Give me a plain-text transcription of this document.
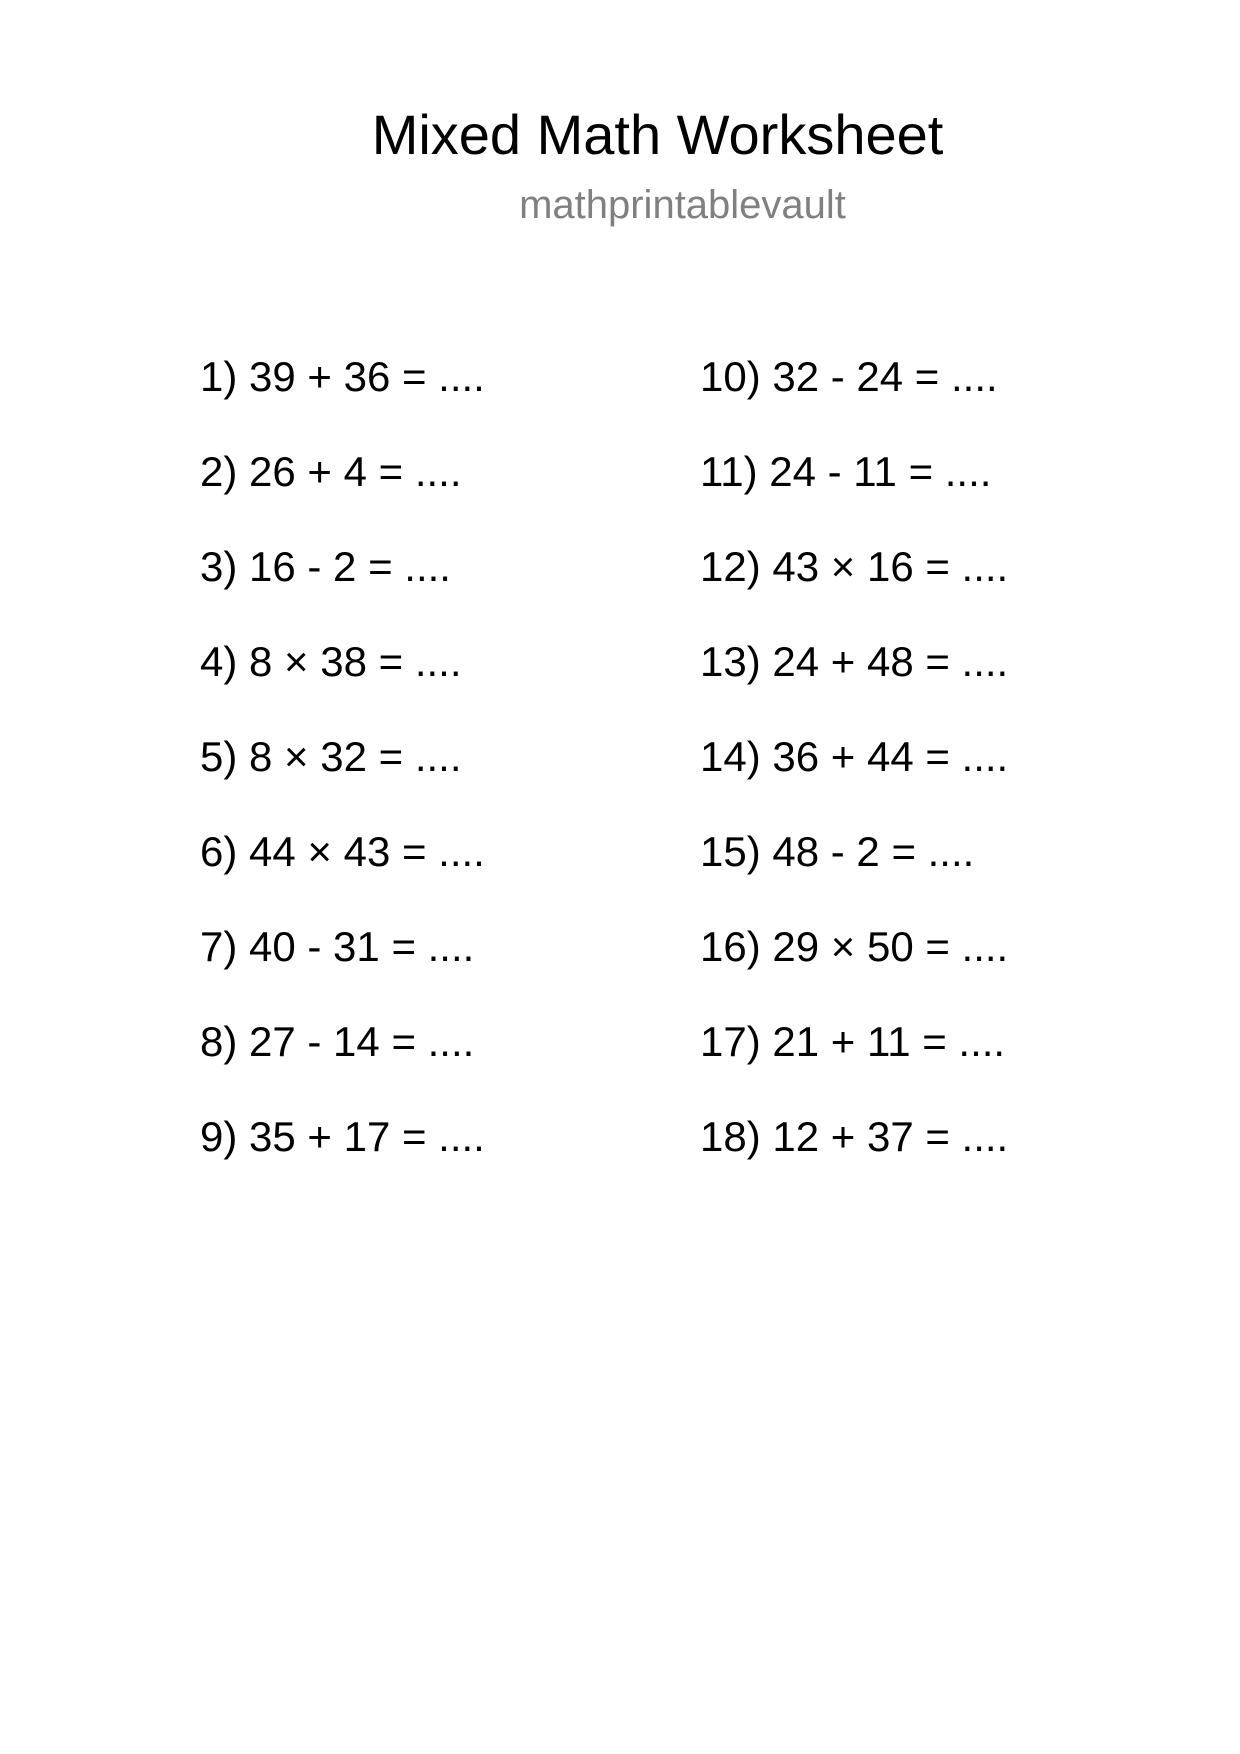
Mixed Math Worksheet
mathprintablevault
1) 39 + 36 = ....
2) 26 + 4 = ....
3) 16 - 2 = ....
4) 8 × 38 = ....
5) 8 × 32 = ....
6) 44 × 43 = ....
7) 40 - 31 = ....
8) 27 - 14 = ....
9) 35 + 17 = ....
10) 32 - 24 = ....
11) 24 - 11 = ....
12) 43 × 16 = ....
13) 24 + 48 = ....
14) 36 + 44 = ....
15) 48 - 2 = ....
16) 29 × 50 = ....
17) 21 + 11 = ....
18) 12 + 37 = ....
